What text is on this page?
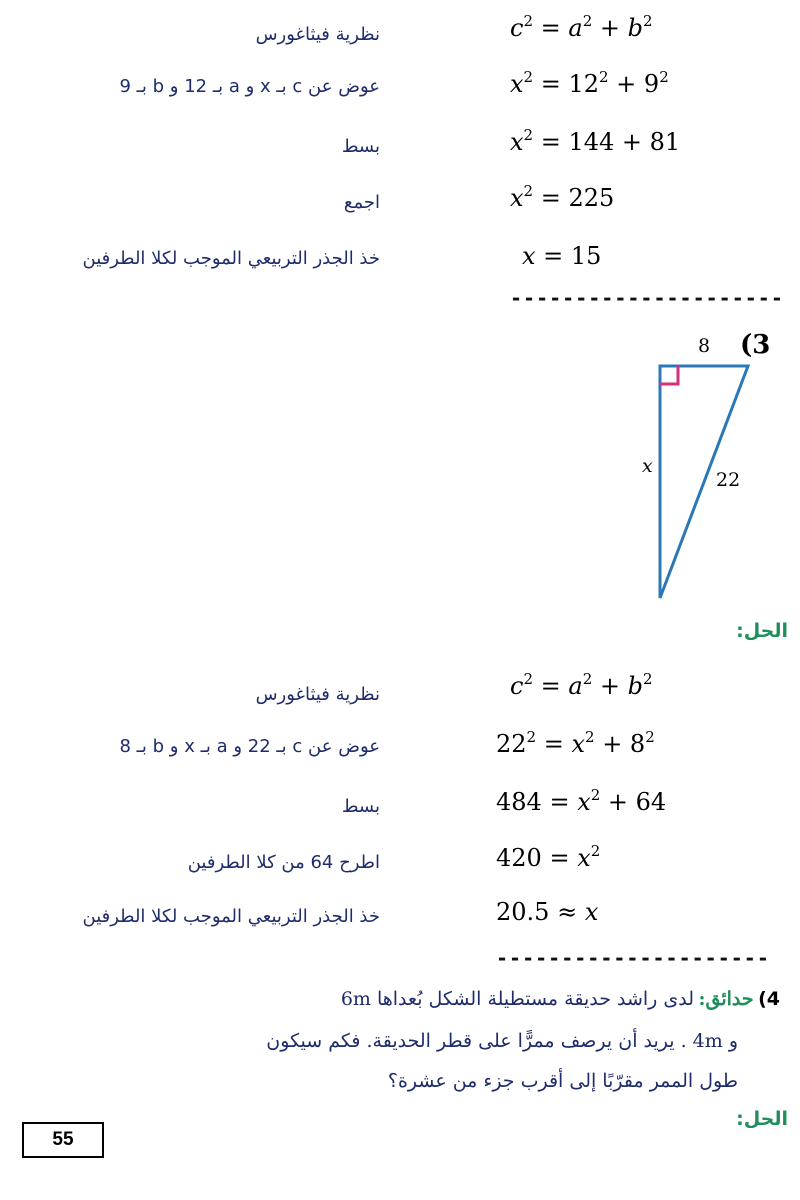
نظرية فيثاغورس	$c^2 = a^2 + b^2$
عوض عن c بـ x و a بـ 12 و b بـ 9	$x^2 = 12^2 + 9^2$
بسط	$x^2 = 144 + 81$
اجمع	$x^2 = 225$
خذ الجذر التربيعي الموجب لكلا الطرفين	x = 15
---------------------
(3
8
x
22
الحل:
نظرية فيثاغورس	$c^2 = a^2 + b^2$
عوض عن c بـ 22 و a بـ x و b بـ 8	$22^2 = x^2 + 8^2$
بسط	$484 = x^2 + 64$
اطرح 64 من كلا الطرفين	$420 = x^2$
خذ الجذر التربيعي الموجب لكلا الطرفين	20.5 ≈ x
---------------------
4) حدائق: لدى راشد حديقة مستطيلة الشكل بُعداها 6m
و 4m . يريد أن يرصف ممرًّا على قطر الحديقة. فكم سيكون
طول الممر مقرّبًا إلى أقرب جزء من عشرة؟
الحل:
55
